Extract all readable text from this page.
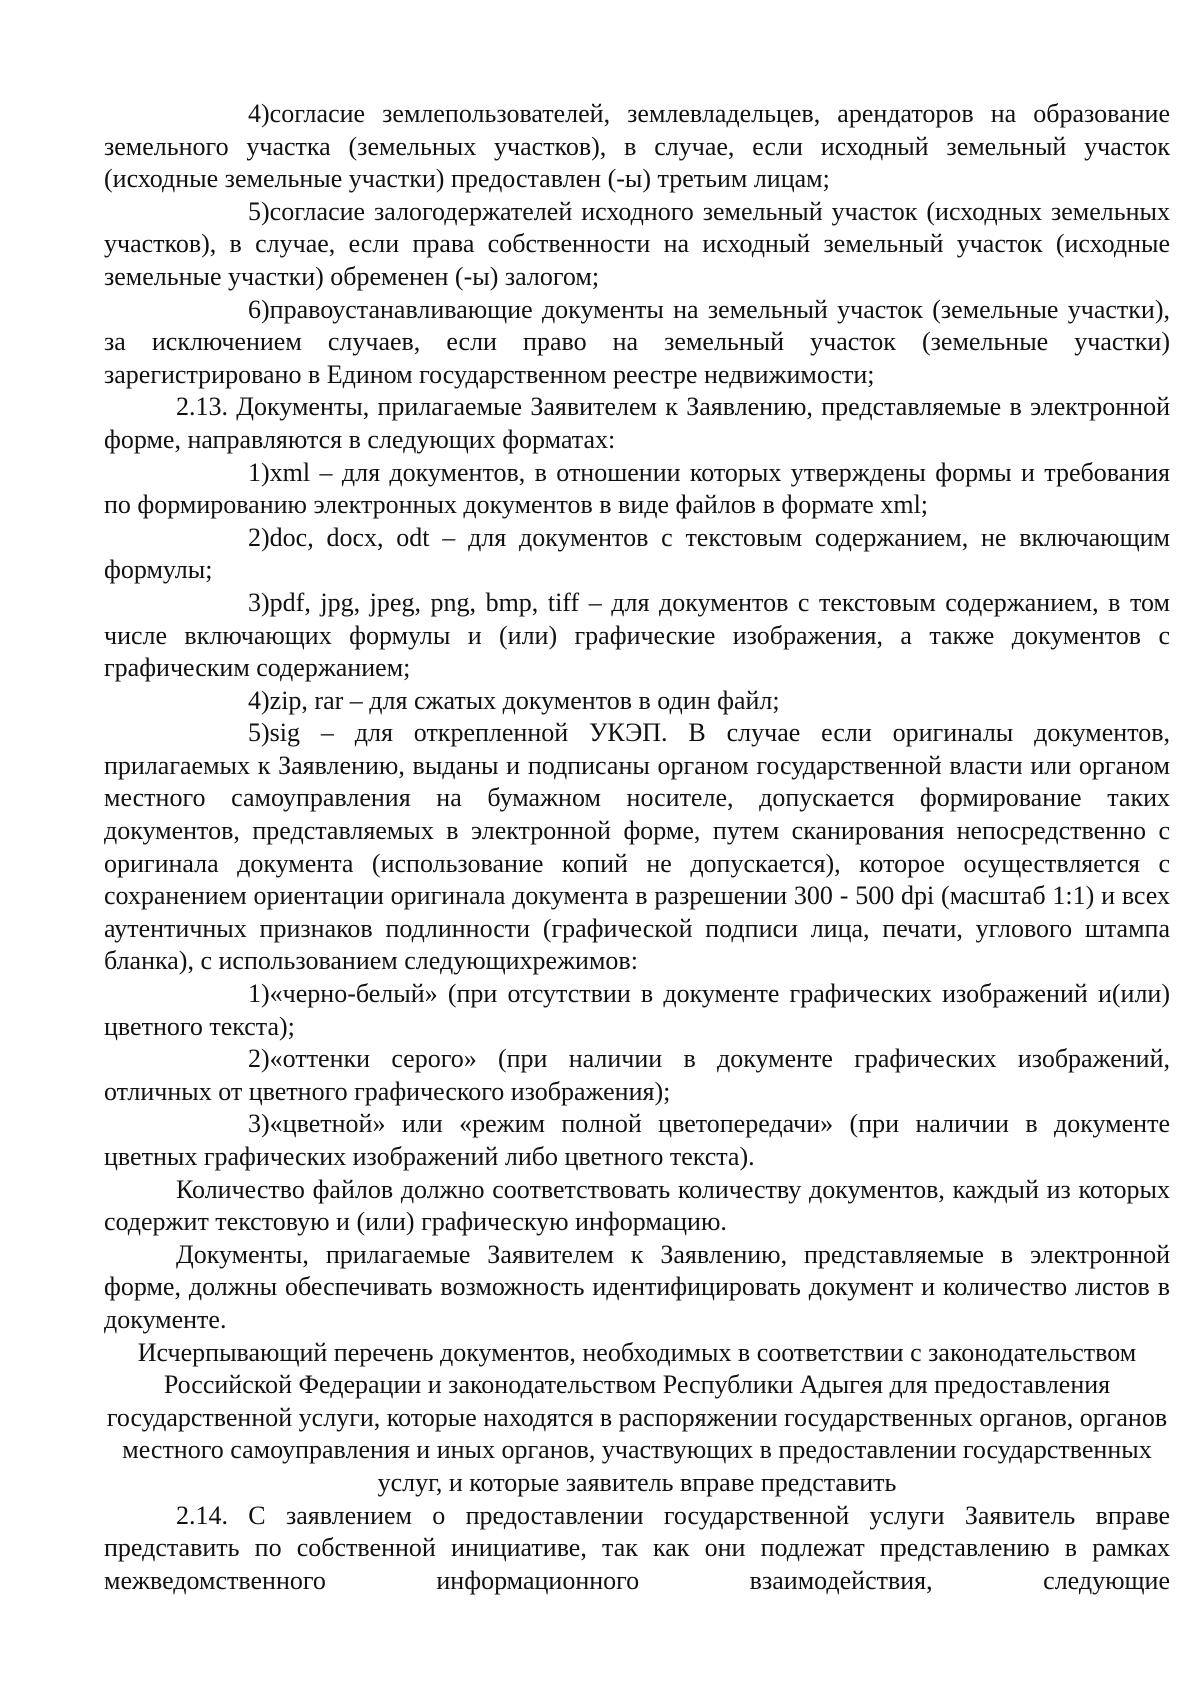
4)согласие землепользователей, землевладельцев, арендаторов на образование земельного участка (земельных участков), в случае, если исходный земельный участок (исходные земельные участки) предоставлен (-ы) третьим лицам;

5)согласие залогодержателей исходного земельный участок (исходных земельных участков), в случае, если права собственности на исходный земельный участок (исходные земельные участки) обременен (-ы) залогом;

6)правоустанавливающие документы на земельный участок (земельные участки), за исключением случаев, если право на земельный участок (земельные участки) зарегистрировано в Едином государственном реестре недвижимости;

2.13. Документы, прилагаемые Заявителем к Заявлению, представляемые в электронной форме, направляются в следующих форматах:

1)xml – для документов, в отношении которых утверждены формы и требования по формированию электронных документов в виде файлов в формате xml;

2)doc, docx, odt – для документов с текстовым содержанием, не включающим формулы;

3)pdf, jpg, jpeg, png, bmp, tiff – для документов с текстовым содержанием, в том числе включающих формулы и (или) графические изображения, а также документов с графическим содержанием;

4)zip, rar – для сжатых документов в один файл;

5)sig – для открепленной УКЭП. В случае если оригиналы документов, прилагаемых к Заявлению, выданы и подписаны органом государственной власти или органом местного самоуправления на бумажном носителе, допускается формирование таких документов, представляемых в электронной форме, путем сканирования непосредственно с оригинала документа (использование копий не допускается), которое осуществляется с сохранением ориентации оригинала документа в разрешении 300 - 500 dpi (масштаб 1:1) и всех аутентичных признаков подлинности (графической подписи лица, печати, углового штампа бланка), с использованием следующихрежимов:

1)«черно-белый» (при отсутствии в документе графических изображений и(или) цветного текста);

2)«оттенки серого» (при наличии в документе графических изображений, отличных от цветного графического изображения);

3)«цветной» или «режим полной цветопередачи» (при наличии в документе цветных графических изображений либо цветного текста).

Количество файлов должно соответствовать количеству документов, каждый из которых содержит текстовую и (или) графическую информацию.

Документы, прилагаемые Заявителем к Заявлению, представляемые в электронной форме, должны обеспечивать возможность идентифицировать документ и количество листов в документе.

Исчерпывающий перечень документов, необходимых в соответствии с законодательством Российской Федерации и законодательством Республики Адыгея для предоставления государственной услуги, которые находятся в распоряжении государственных органов, органов местного самоуправления и иных органов, участвующих в предоставлении государственных услуг, и которые заявитель вправе представить

2.14. С заявлением о предоставлении государственной услуги Заявитель вправе представить по собственной инициативе, так как они подлежат представлению в рамках межведомственного информационного взаимодействия, следующие
